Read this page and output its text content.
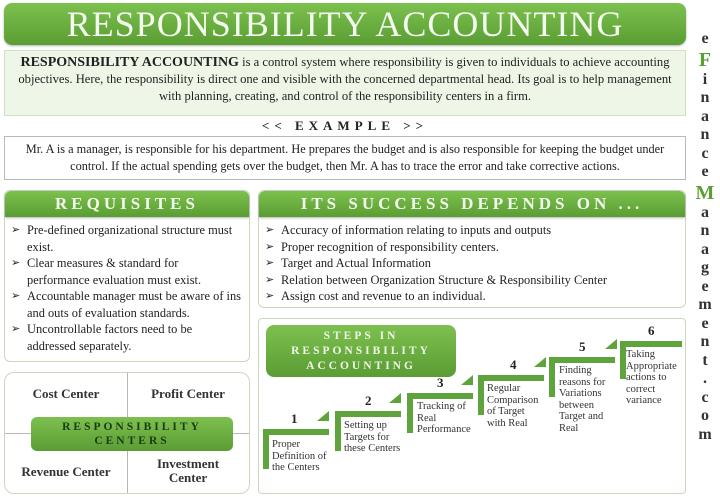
RESPONSIBILITY ACCOUNTING
RESPONSIBILITY ACCOUNTING is a control system where responsibility is given to individuals to achieve accounting objectives. Here, the responsibility is direct one and visible with the concerned departmental head. Its goal is to help management with planning, creating, and control of the responsibility centers in a firm.
<< EXAMPLE >>
Mr. A is a manager, is responsible for his department. He prepares the budget and is also responsible for keeping the budget under control. If the actual spending gets over the budget, then Mr. A has to trace the error and take corrective actions.
REQUISITES
➢ Pre-defined organizational structure must exist.
➢ Clear measures & standard for performance evaluation must exist.
➢ Accountable manager must be aware of ins and outs of evaluation standards.
➢ Uncontrollable factors need to be addressed separately.
ITS SUCCESS DEPENDS ON ...
➢ Accuracy of information relating to inputs and outputs
➢ Proper recognition of responsibility centers.
➢ Target and Actual Information
➢ Relation between Organization Structure & Responsibility Center
➢ Assign cost and revenue to an individual.
Cost Center	Profit Center
Revenue Center
Investment Center
RESPONSIBILITY CENTERS
STEPS IN RESPONSIBILITY ACCOUNTING
1
Proper Definition of the Centers
2
Setting up Targets for these Centers
3
Tracking of Real Performance
4
Regular Comparison of Target with Real
5
Finding reasons for Variations between Target and Real
6
Taking Appropriate actions to correct variance
e
F
i
n
a
n
c
e
M
a
n
a
g
e
m
e
n
t
.
c
o
m
